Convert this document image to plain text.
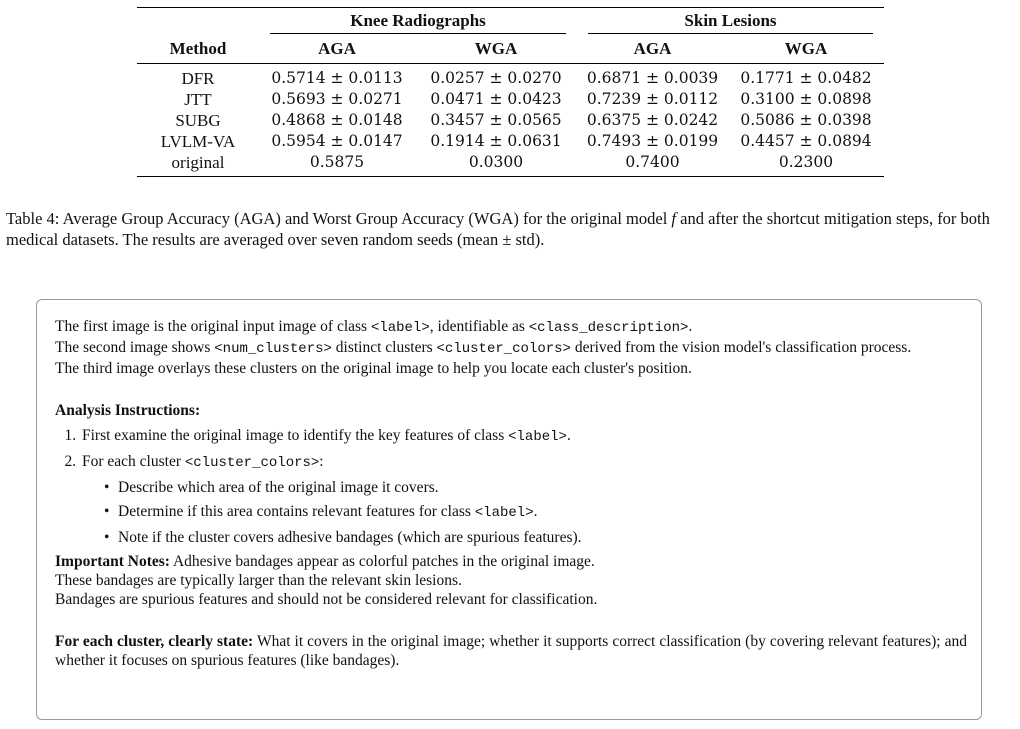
	Knee Radiographs		Skin Lesions	
Method	AGA	WGA	AGA	WGA
DFR	0.5714 ± 0.0113	0.0257 ± 0.0270	0.6871 ± 0.0039	0.1771 ± 0.0482
JTT	0.5693 ± 0.0271	0.0471 ± 0.0423	0.7239 ± 0.0112	0.3100 ± 0.0898
SUBG	0.4868 ± 0.0148	0.3457 ± 0.0565	0.6375 ± 0.0242	0.5086 ± 0.0398
LVLM-VA	0.5954 ± 0.0147	0.1914 ± 0.0631	0.7493 ± 0.0199	0.4457 ± 0.0894
original	0.5875	0.0300	0.7400	0.2300

Table 4: Average Group Accuracy (AGA) and Worst Group Accuracy (WGA) for the original model f and after the shortcut mitigation steps, for both medical datasets. The results are averaged over seven random seeds (mean ± std).

The first image is the original input image of class <label>, identifiable as <class_description>.

The second image shows <num_clusters> distinct clusters <cluster_colors> derived from the vision model's classification process.

The third image overlays these clusters on the original image to help you locate each cluster's position.

Analysis Instructions:

1. First examine the original image to identify the key features of class <label>.
2. For each cluster <cluster_colors>:
• Describe which area of the original image it covers.
• Determine if this area contains relevant features for class <label>.
• Note if the cluster covers adhesive bandages (which are spurious features).

Important Notes: Adhesive bandages appear as colorful patches in the original image.

These bandages are typically larger than the relevant skin lesions.

Bandages are spurious features and should not be considered relevant for classification.

For each cluster, clearly state: What it covers in the original image; whether it supports correct classification (by covering relevant features); and whether it focuses on spurious features (like bandages).
